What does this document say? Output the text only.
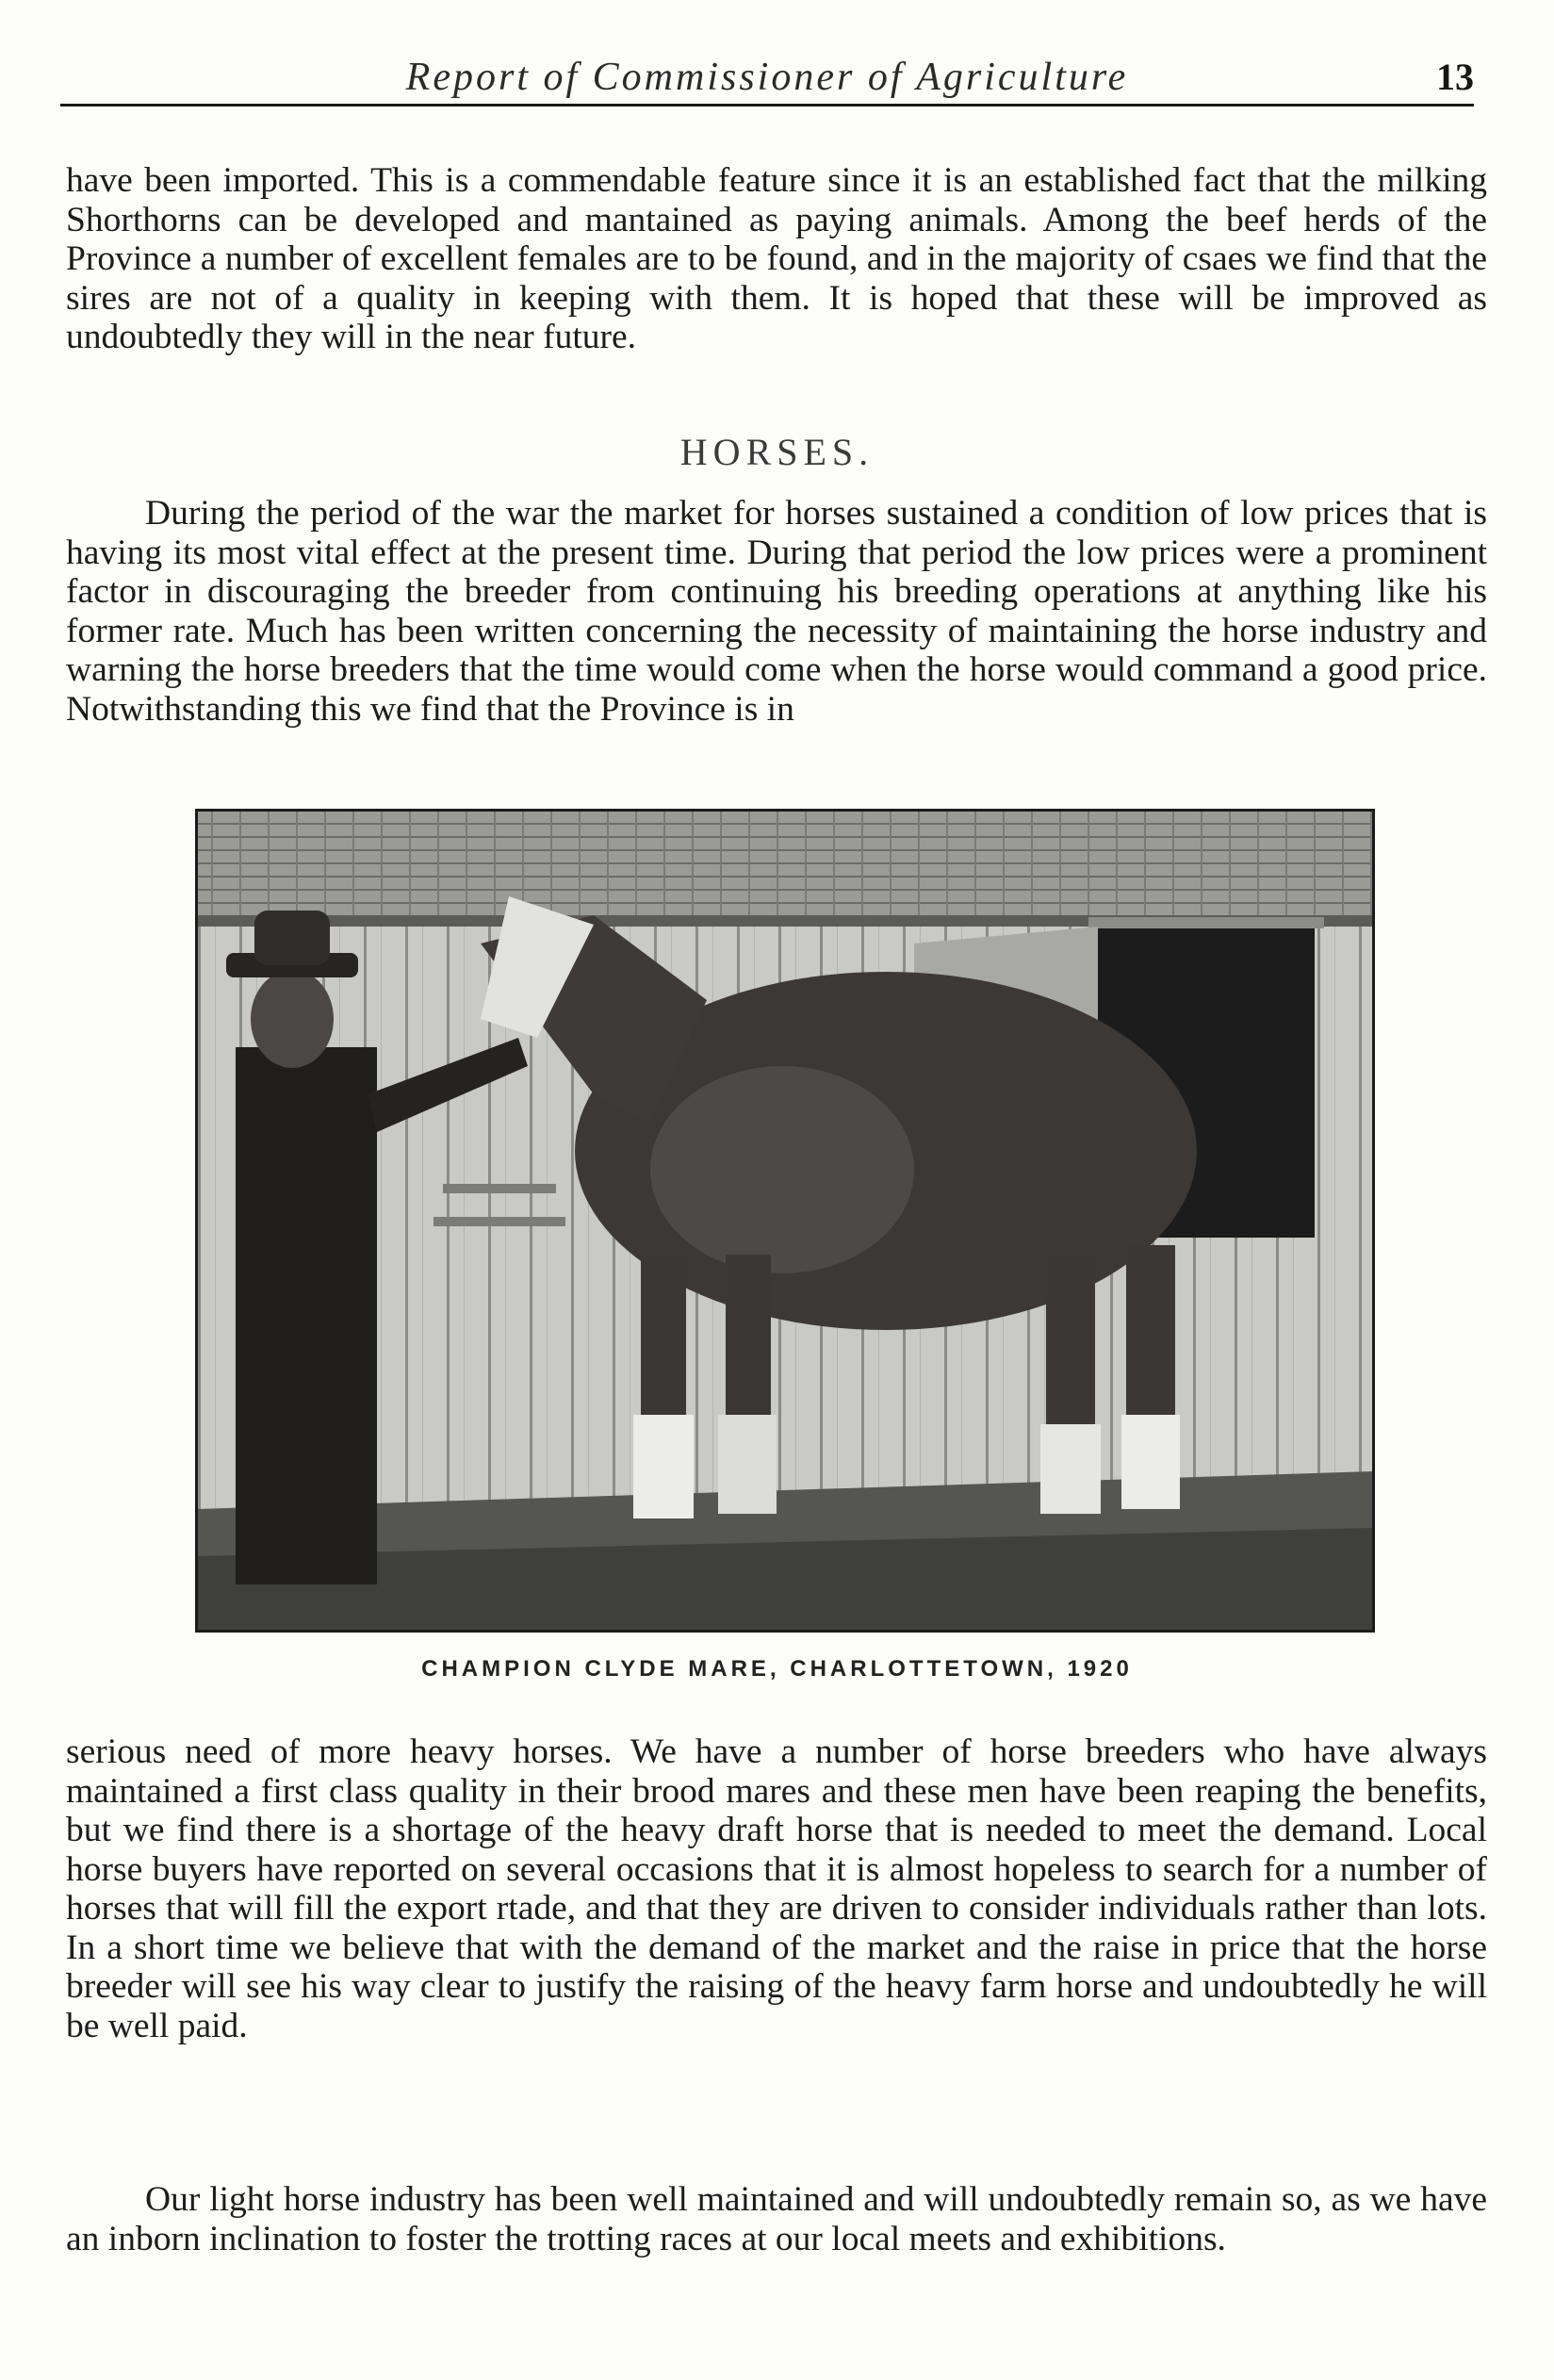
Report of Commissioner of Agriculture	13

have been imported. This is a commendable feature since it is an established fact that the milking Shorthorns can be developed and mantained as paying animals. Among the beef herds of the Province a number of excellent females are to be found, and in the majority of csaes we find that the sires are not of a quality in keeping with them. It is hoped that these will be improved as undoubtedly they will in the near future.

HORSES.

During the period of the war the market for horses sustained a condition of low prices that is having its most vital effect at the present time. During that period the low prices were a prominent factor in discouraging the breeder from continuing his breeding operations at anything like his former rate. Much has been written concerning the necessity of maintaining the horse industry and warning the horse breeders that the time would come when the horse would command a good price. Notwithstanding this we find that the Province is in

CHAMPION CLYDE MARE, CHARLOTTETOWN, 1920

serious need of more heavy horses. We have a number of horse breeders who have always maintained a first class quality in their brood mares and these men have been reaping the benefits, but we find there is a shortage of the heavy draft horse that is needed to meet the demand. Local horse buyers have reported on several occasions that it is almost hopeless to search for a number of horses that will fill the export rtade, and that they are driven to consider individuals rather than lots. In a short time we believe that with the demand of the market and the raise in price that the horse breeder will see his way clear to justify the raising of the heavy farm horse and undoubtedly he will be well paid.

Our light horse industry has been well maintained and will undoubtedly remain so, as we have an inborn inclination to foster the trotting races at our local meets and exhibitions.
